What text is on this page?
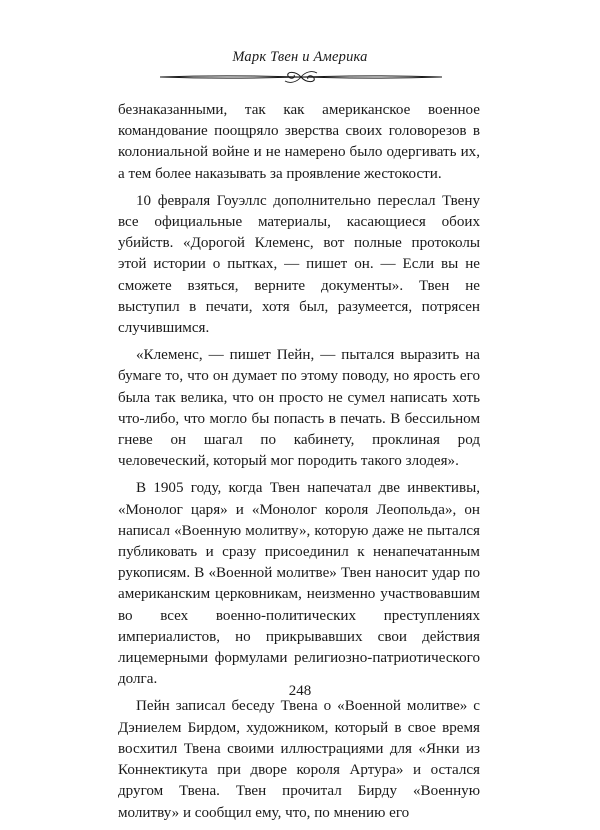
Марк Твен и Америка

безнаказанными, так как американское военное командование поощряло зверства своих головорезов в колониальной войне и не намерено было одергивать их, а тем более наказывать за проявление жестокости.

10 февраля Гоуэллс дополнительно переслал Твену все официальные материалы, касающиеся обоих убийств. «Дорогой Клеменс, вот полные протоколы этой истории о пытках, — пишет он. — Если вы не сможете взяться, верните документы». Твен не выступил в печати, хотя был, разумеется, потрясен случившимся.

«Клеменс, — пишет Пейн, — пытался выразить на бумаге то, что он думает по этому поводу, но ярость его была так велика, что он просто не сумел написать хоть что-либо, что могло бы попасть в печать. В бессильном гневе он шагал по кабинету, проклиная род человеческий, который мог породить такого злодея».

В 1905 году, когда Твен напечатал две инвективы, «Монолог царя» и «Монолог короля Леопольда», он написал «Военную молитву», которую даже не пытался публиковать и сразу присоединил к ненапечатанным рукописям. В «Военной молитве» Твен наносит удар по американским церковникам, неизменно участвовавшим во всех военно-политических преступлениях империалистов, но прикрывавших свои действия лицемерными формулами религиозно-патриотического долга.

Пейн записал беседу Твена о «Военной молитве» с Дэниелем Бирдом, художником, который в свое время восхитил Твена своими иллюстрациями для «Янки из Коннектикута при дворе короля Артура» и остался другом Твена. Твен прочитал Бирду «Военную молитву» и сообщил ему, что, по мнению его

248
